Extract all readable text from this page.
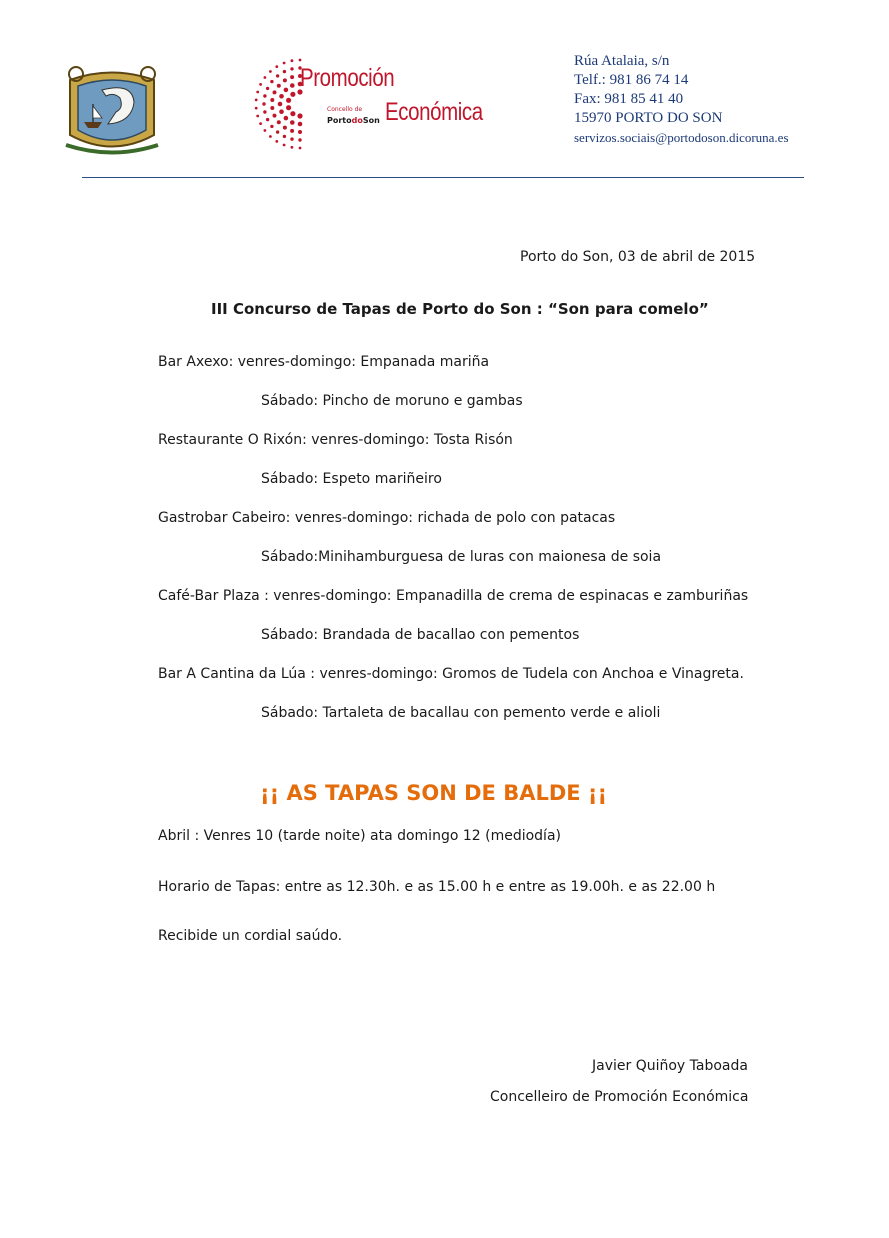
Promoción
Concello de
PortodoSon Económica
Rúa Atalaia, s/n
Telf.: 981 86 74 14
Fax: 981 85 41 40
15970 PORTO DO SON
servizos.sociais@portodoson.dicoruna.es
Porto do Son, 03 de abril de 2015
III Concurso de Tapas de Porto do Son : “Son para comelo”
Bar Axexo: venres-domingo: Empanada mariña
Sábado: Pincho de moruno e gambas
Restaurante O Rixón: venres-domingo: Tosta Risón
Sábado: Espeto mariñeiro
Gastrobar Cabeiro: venres-domingo: richada de polo con patacas
Sábado:Minihamburguesa de luras con maionesa de soia
Café-Bar Plaza : venres-domingo: Empanadilla de crema de espinacas e zamburiñas
Sábado: Brandada de bacallao con pementos
Bar A Cantina da Lúa : venres-domingo: Gromos de Tudela con Anchoa e Vinagreta.
Sábado: Tartaleta de bacallau con pemento verde e alioli
¡¡ AS TAPAS SON DE BALDE ¡¡
Abril : Venres 10 (tarde noite) ata domingo 12 (mediodía)
Horario de Tapas: entre as 12.30h. e as 15.00 h e entre as 19.00h. e as 22.00 h
Recibide un cordial saúdo.
Javier Quiñoy Taboada
Concelleiro de Promoción Económica
